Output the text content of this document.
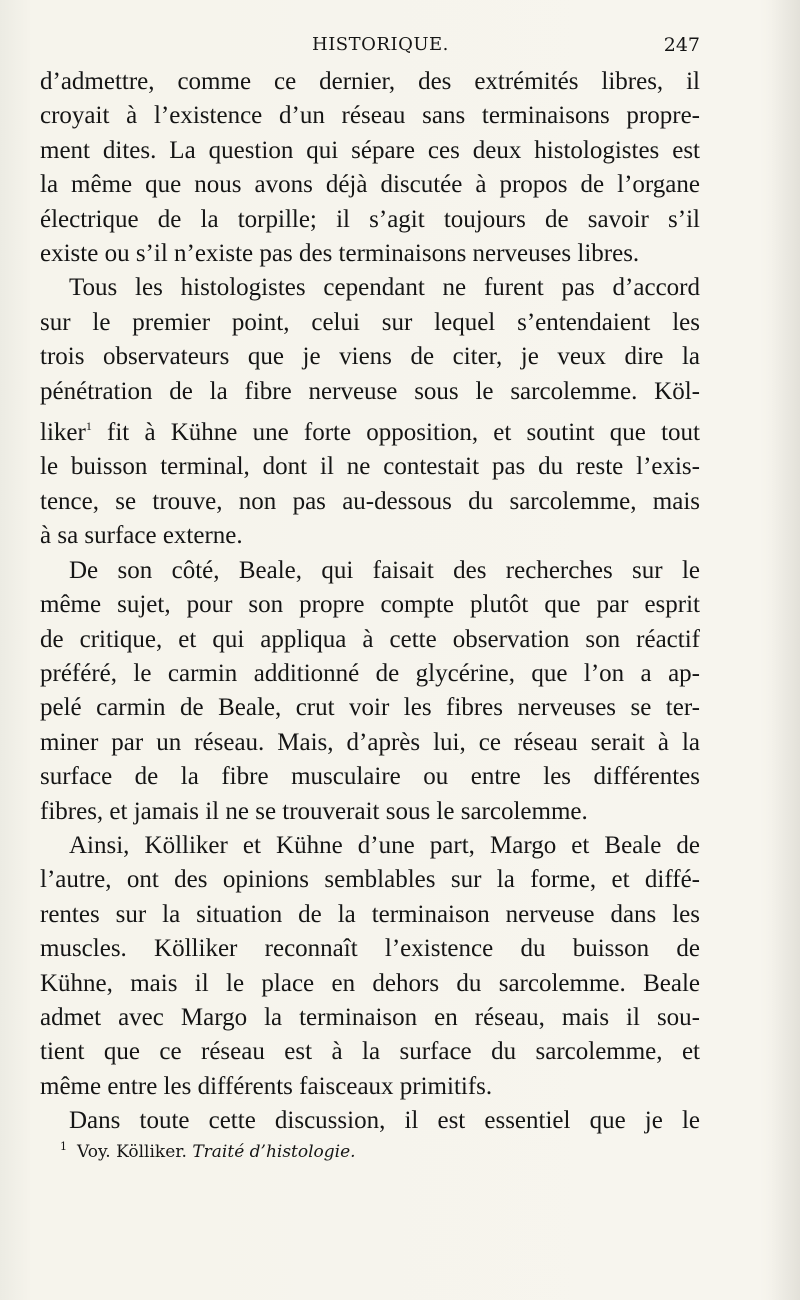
HISTORIQUE.	247
d’admettre, comme ce dernier, des extrémités libres, il
croyait à l’existence d’un réseau sans terminaisons propre-
ment dites. La question qui sépare ces deux histologistes est
la même que nous avons déjà discutée à propos de l’organe
électrique de la torpille; il s’agit toujours de savoir s’il
existe ou s’il n’existe pas des terminaisons nerveuses libres.
Tous les histologistes cependant ne furent pas d’accord
sur le premier point, celui sur lequel s’entendaient les
trois observateurs que je viens de citer, je veux dire la
pénétration de la fibre nerveuse sous le sarcolemme. Köl-
liker$^1$ fit à Kühne une forte opposition, et soutint que tout
le buisson terminal, dont il ne contestait pas du reste l’exis-
tence, se trouve, non pas au-dessous du sarcolemme, mais
à sa surface externe.
De son côté, Beale, qui faisait des recherches sur le
même sujet, pour son propre compte plutôt que par esprit
de critique, et qui appliqua à cette observation son réactif
préféré, le carmin additionné de glycérine, que l’on a ap-
pelé carmin de Beale, crut voir les fibres nerveuses se ter-
miner par un réseau. Mais, d’après lui, ce réseau serait à la
surface de la fibre musculaire ou entre les différentes
fibres, et jamais il ne se trouverait sous le sarcolemme.
Ainsi, Kölliker et Kühne d’une part, Margo et Beale de
l’autre, ont des opinions semblables sur la forme, et diffé-
rentes sur la situation de la terminaison nerveuse dans les
muscles. Kölliker reconnaît l’existence du buisson de
Kühne, mais il le place en dehors du sarcolemme. Beale
admet avec Margo la terminaison en réseau, mais il sou-
tient que ce réseau est à la surface du sarcolemme, et
même entre les différents faisceaux primitifs.
Dans toute cette discussion, il est essentiel que je le
$^1$ Voy. Kölliker. Traité d’histologie.
